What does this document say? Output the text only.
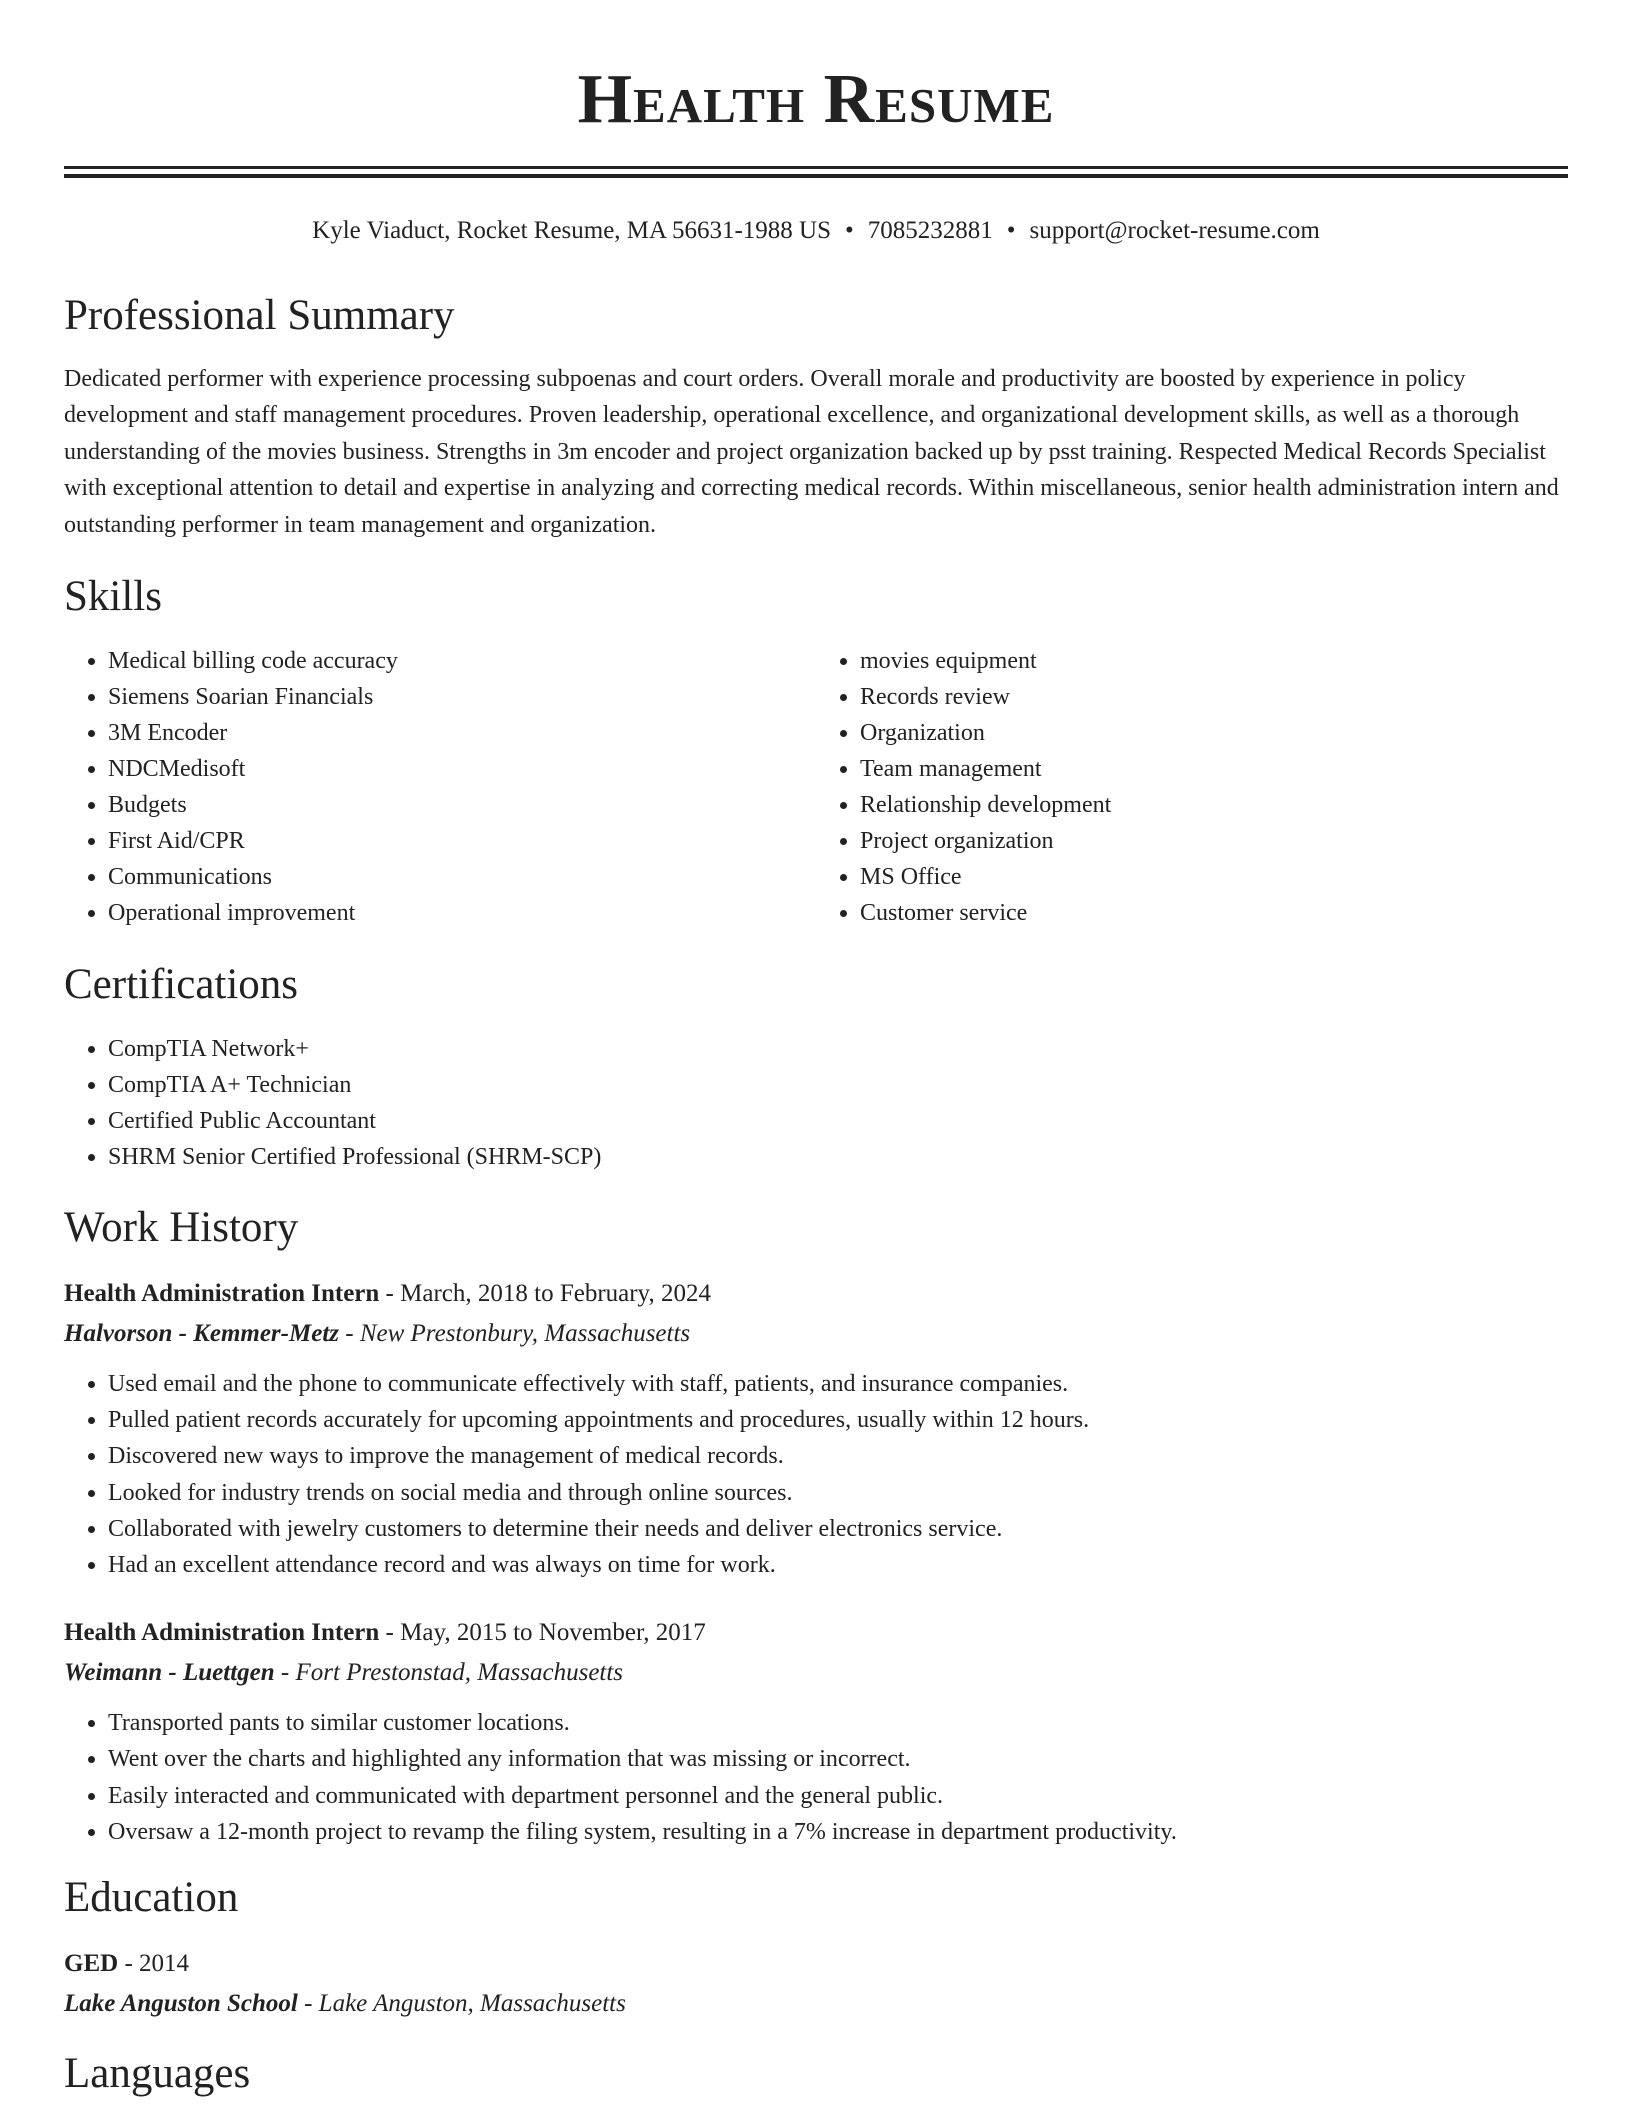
Health Resume
Kyle Viaduct, Rocket Resume, MA 56631-1988 US • 7085232881 • support@rocket-resume.com
Professional Summary

Dedicated performer with experience processing subpoenas and court orders. Overall morale and productivity are boosted by experience in policy development and staff management procedures. Proven leadership, operational excellence, and organizational development skills, as well as a thorough understanding of the movies business. Strengths in 3m encoder and project organization backed up by psst training. Respected Medical Records Specialist with exceptional attention to detail and expertise in analyzing and correcting medical records. Within miscellaneous, senior health administration intern and outstanding performer in team management and organization.

Skills
• Medical billing code accuracy
• Siemens Soarian Financials
• 3M Encoder
• NDCMedisoft
• Budgets
• First Aid/CPR
• Communications
• Operational improvement
• movies equipment
• Records review
• Organization
• Team management
• Relationship development
• Project organization
• MS Office
• Customer service
Certifications
• CompTIA Network+
• CompTIA A+ Technician
• Certified Public Accountant
• SHRM Senior Certified Professional (SHRM-SCP)
Work History
Health Administration Intern - March, 2018 to February, 2024
Halvorson - Kemmer-Metz - New Prestonbury, Massachusetts
• Used email and the phone to communicate effectively with staff, patients, and insurance companies.
• Pulled patient records accurately for upcoming appointments and procedures, usually within 12 hours.
• Discovered new ways to improve the management of medical records.
• Looked for industry trends on social media and through online sources.
• Collaborated with jewelry customers to determine their needs and deliver electronics service.
• Had an excellent attendance record and was always on time for work.
Health Administration Intern - May, 2015 to November, 2017
Weimann - Luettgen - Fort Prestonstad, Massachusetts
• Transported pants to similar customer locations.
• Went over the charts and highlighted any information that was missing or incorrect.
• Easily interacted and communicated with department personnel and the general public.
• Oversaw a 12-month project to revamp the filing system, resulting in a 7% increase in department productivity.
Education
GED - 2014
Lake Anguston School - Lake Anguston, Massachusetts
Languages
